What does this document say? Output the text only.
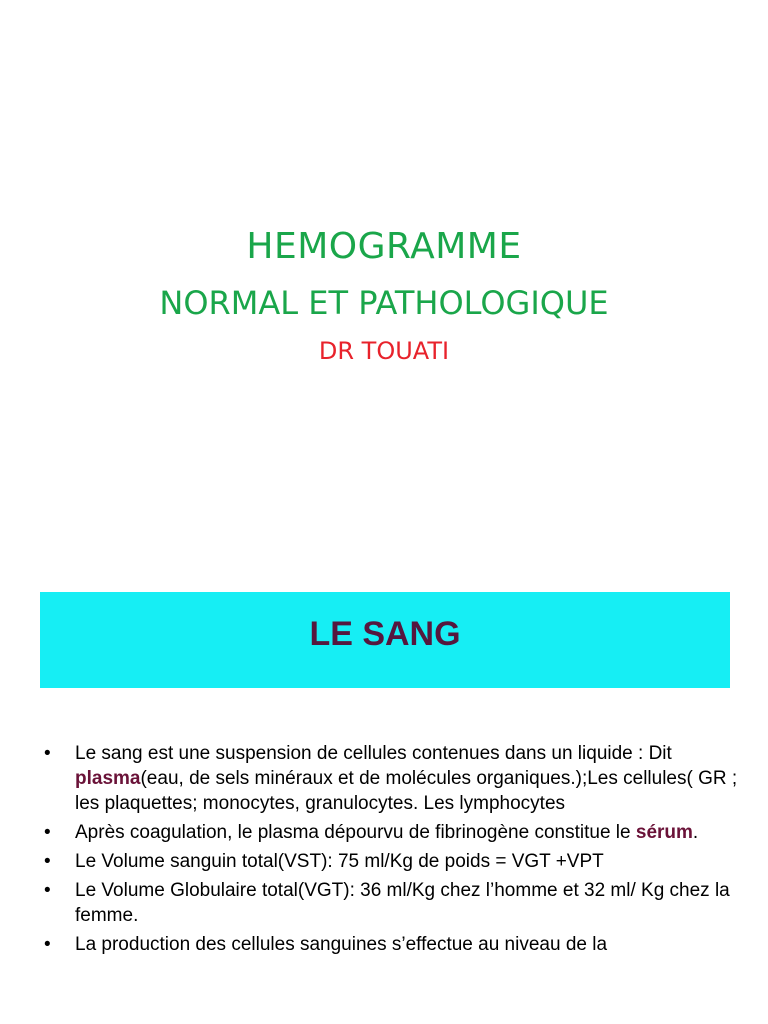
HEMOGRAMME
NORMAL ET PATHOLOGIQUE
DR TOUATI
LE SANG
• Le sang est une suspension de cellules contenues dans un liquide : Dit plasma(eau, de sels minéraux et de molécules organiques.);Les cellules( GR ; les plaquettes; monocytes, granulocytes. Les lymphocytes
• Après coagulation, le plasma dépourvu de fibrinogène constitue le sérum.
• Le Volume sanguin total(VST): 75 ml/Kg de poids = VGT +VPT
• Le Volume Globulaire total(VGT): 36 ml/Kg chez l’homme et 32 ml/ Kg chez la femme.
• La production des cellules sanguines s’effectue au niveau de la
